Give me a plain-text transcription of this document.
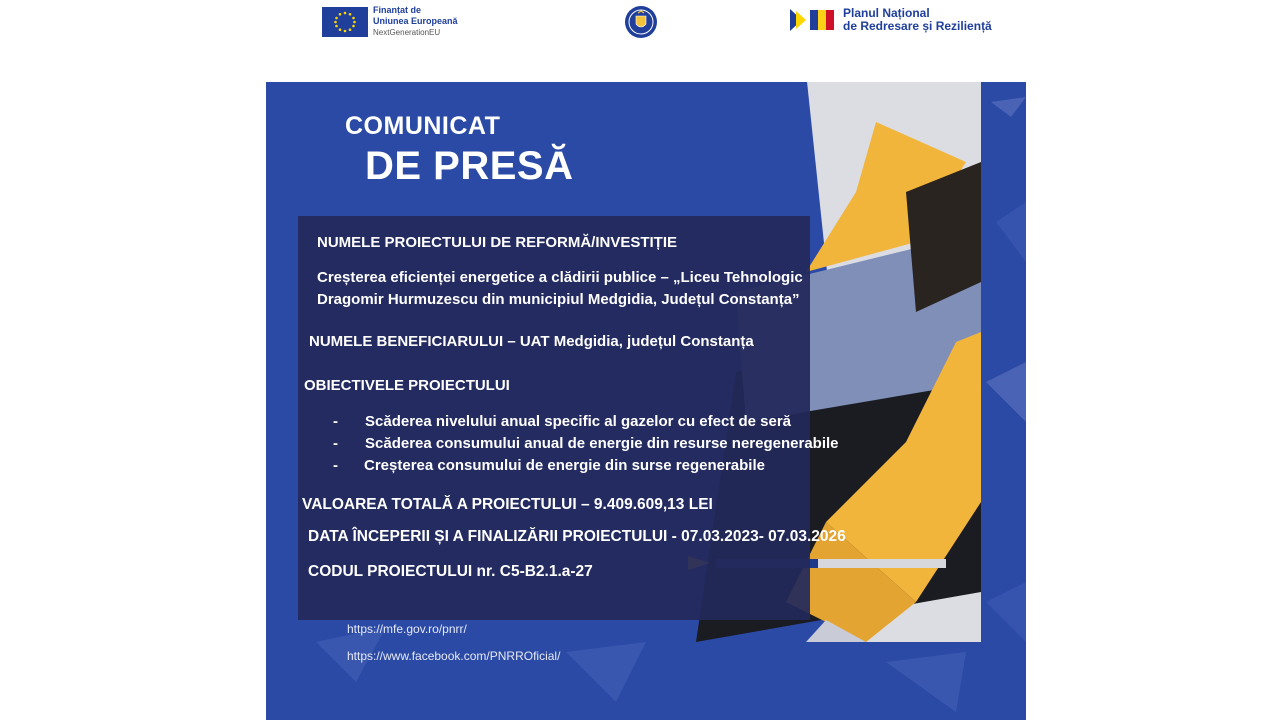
Finanțat de
Uniunea Europeană
NextGenerationEU
Planul Național
de Redresare și Reziliență
COMUNICAT
DE PRESĂ
NUMELE PROIECTULUI DE REFORMĂ/INVESTIȚIE
Creșterea eficienței energetice a clădirii publice – „Liceu Tehnologic
Dragomir Hurmuzescu din municipiul Medgidia, Județul Constanța”
NUMELE BENEFICIARULUI – UAT Medgidia, județul Constanța
OBIECTIVELE PROIECTULUI
- Scăderea nivelului anual specific al gazelor cu efect de seră
- Scăderea consumului anual de energie din resurse neregenerabile
- Creșterea consumului de energie din surse regenerabile
VALOAREA TOTALĂ A PROIECTULUI – 9.409.609,13 LEI
DATA ÎNCEPERII ȘI A FINALIZĂRII PROIECTULUI - 07.03.2023- 07.03.2026
CODUL PROIECTULUI nr. C5-B2.1.a-27
https://mfe.gov.ro/pnrr/
https://www.facebook.com/PNRROficial/
